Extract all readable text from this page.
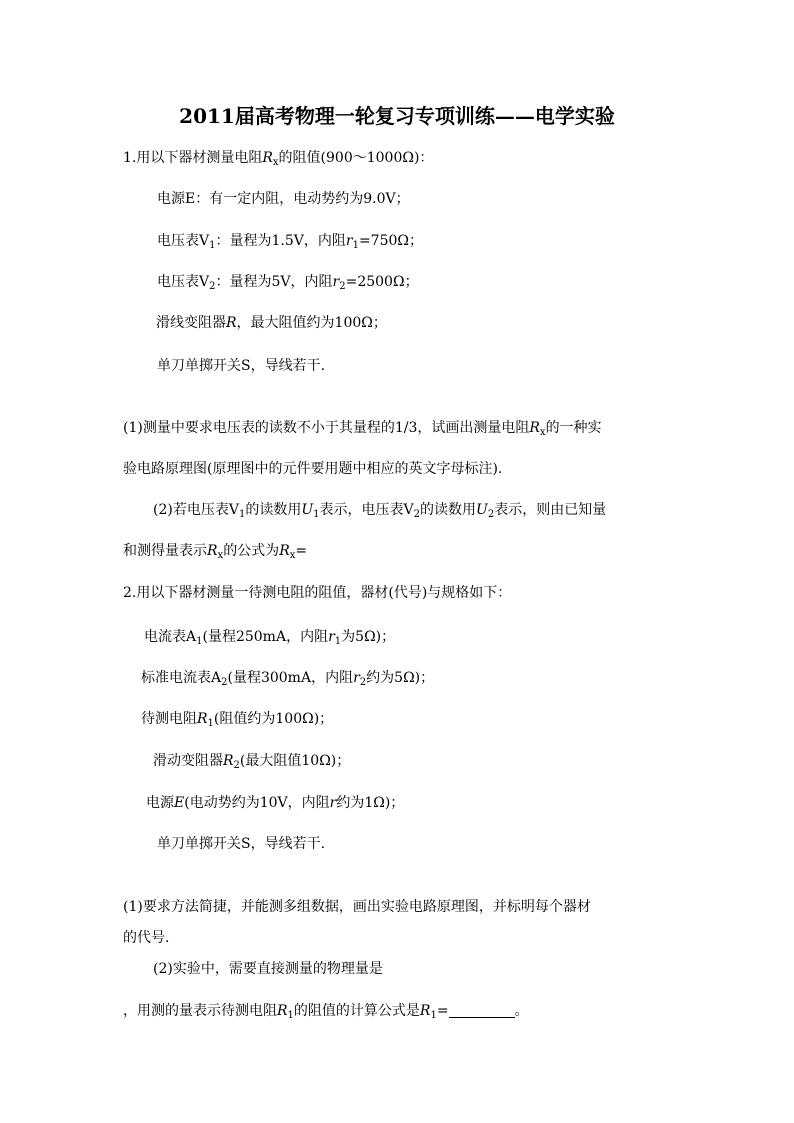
2011届高考物理一轮复习专项训练——电学实验
1.用以下器材测量电阻$R_x$的阻值(900～1000Ω)：
电源E：有一定内阻，电动势约为9.0V；
电压表$V_1$：量程为1.5V，内阻$r_1=750\Omega$；
电压表$V_2$：量程为5V，内阻$r_2=2500\Omega$；
滑线变阻器R，最大阻值约为100Ω；
单刀单掷开关S，导线若干.
(1)测量中要求电压表的读数不小于其量程的1/3，试画出测量电阻$R_x$的一种实
验电路原理图(原理图中的元件要用题中相应的英文字母标注).
(2)若电压表$V_1$的读数用$U_1$表示，电压表$V_2$的读数用$U_2$表示，则由已知量
和测得量表示$R_x$的公式为$R_x=$
2.用以下器材测量一待测电阻的阻值，器材(代号)与规格如下：
电流表$A_1$(量程250mA，内阻$r_1$为5Ω)；
标准电流表$A_2$(量程300mA，内阻$r_2$约为5Ω)；
待测电阻$R_1$(阻值约为100Ω)；
滑动变阻器$R_2$(最大阻值10Ω)；
电源E(电动势约为10V，内阻r约为1Ω)；
单刀单掷开关S，导线若干.
(1)要求方法简捷，并能测多组数据，画出实验电路原理图，并标明每个器材
的代号.
(2)实验中，需要直接测量的物理量是
，用测的量表示待测电阻$R_1$的阻值的计算公式是$R_1=$	。
